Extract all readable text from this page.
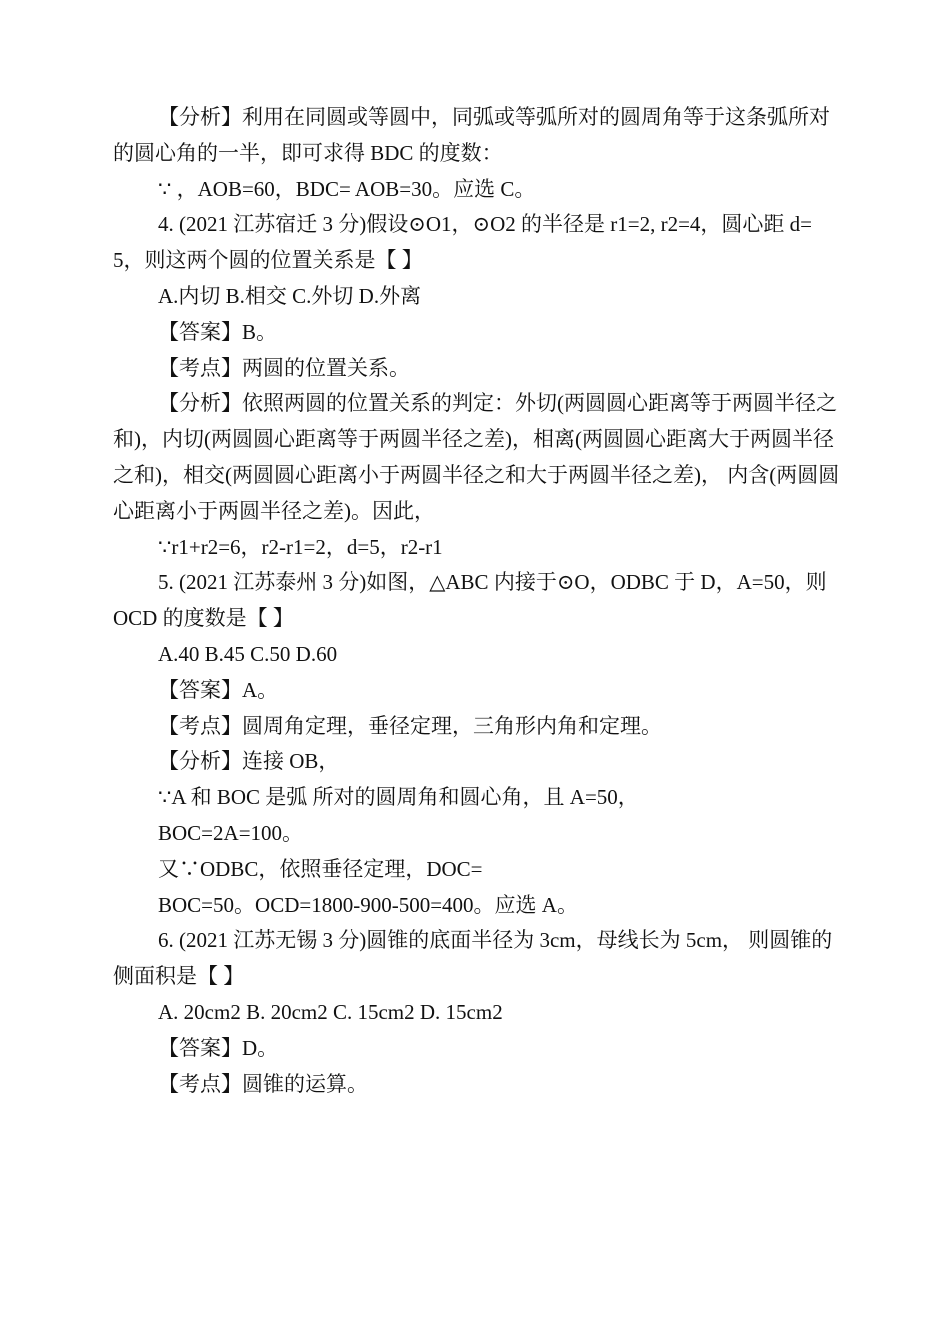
【分析】利用在同圆或等圆中，同弧或等弧所对的圆周角等于这条弧所对的圆心角的一半，即可求得 BDC 的度数：

∵ ，AOB=60，BDC= AOB=30。应选 C。

4. (2021 江苏宿迁 3 分)假设⊙O1，⊙O2 的半径是 r1=2, r2=4，圆心距 d=5，则这两个圆的位置关系是【 】

A.内切 B.相交 C.外切 D.外离

【答案】B。

【考点】两圆的位置关系。

【分析】依照两圆的位置关系的判定：外切(两圆圆心距离等于两圆半径之和)，内切(两圆圆心距离等于两圆半径之差)，相离(两圆圆心距离大于两圆半径之和)，相交(两圆圆心距离小于两圆半径之和大于两圆半径之差)， 内含(两圆圆心距离小于两圆半径之差)。因此，

∵r1+r2=6，r2-r1=2，d=5，r2-r1

5. (2021 江苏泰州 3 分)如图，△ABC 内接于⊙O，ODBC 于 D，A=50，则 OCD 的度数是【 】

A.40 B.45 C.50 D.60

【答案】A。

【考点】圆周角定理，垂径定理，三角形内角和定理。

【分析】连接 OB，

∵A 和 BOC 是弧 所对的圆周角和圆心角，且 A=50，

BOC=2A=100。

又∵ODBC，依照垂径定理，DOC=

BOC=50。OCD=1800-900-500=400。应选 A。

6. (2021 江苏无锡 3 分)圆锥的底面半径为 3cm，母线长为 5cm， 则圆锥的侧面积是【 】

A. 20cm2 B. 20cm2 C. 15cm2 D. 15cm2

【答案】D。

【考点】圆锥的运算。
